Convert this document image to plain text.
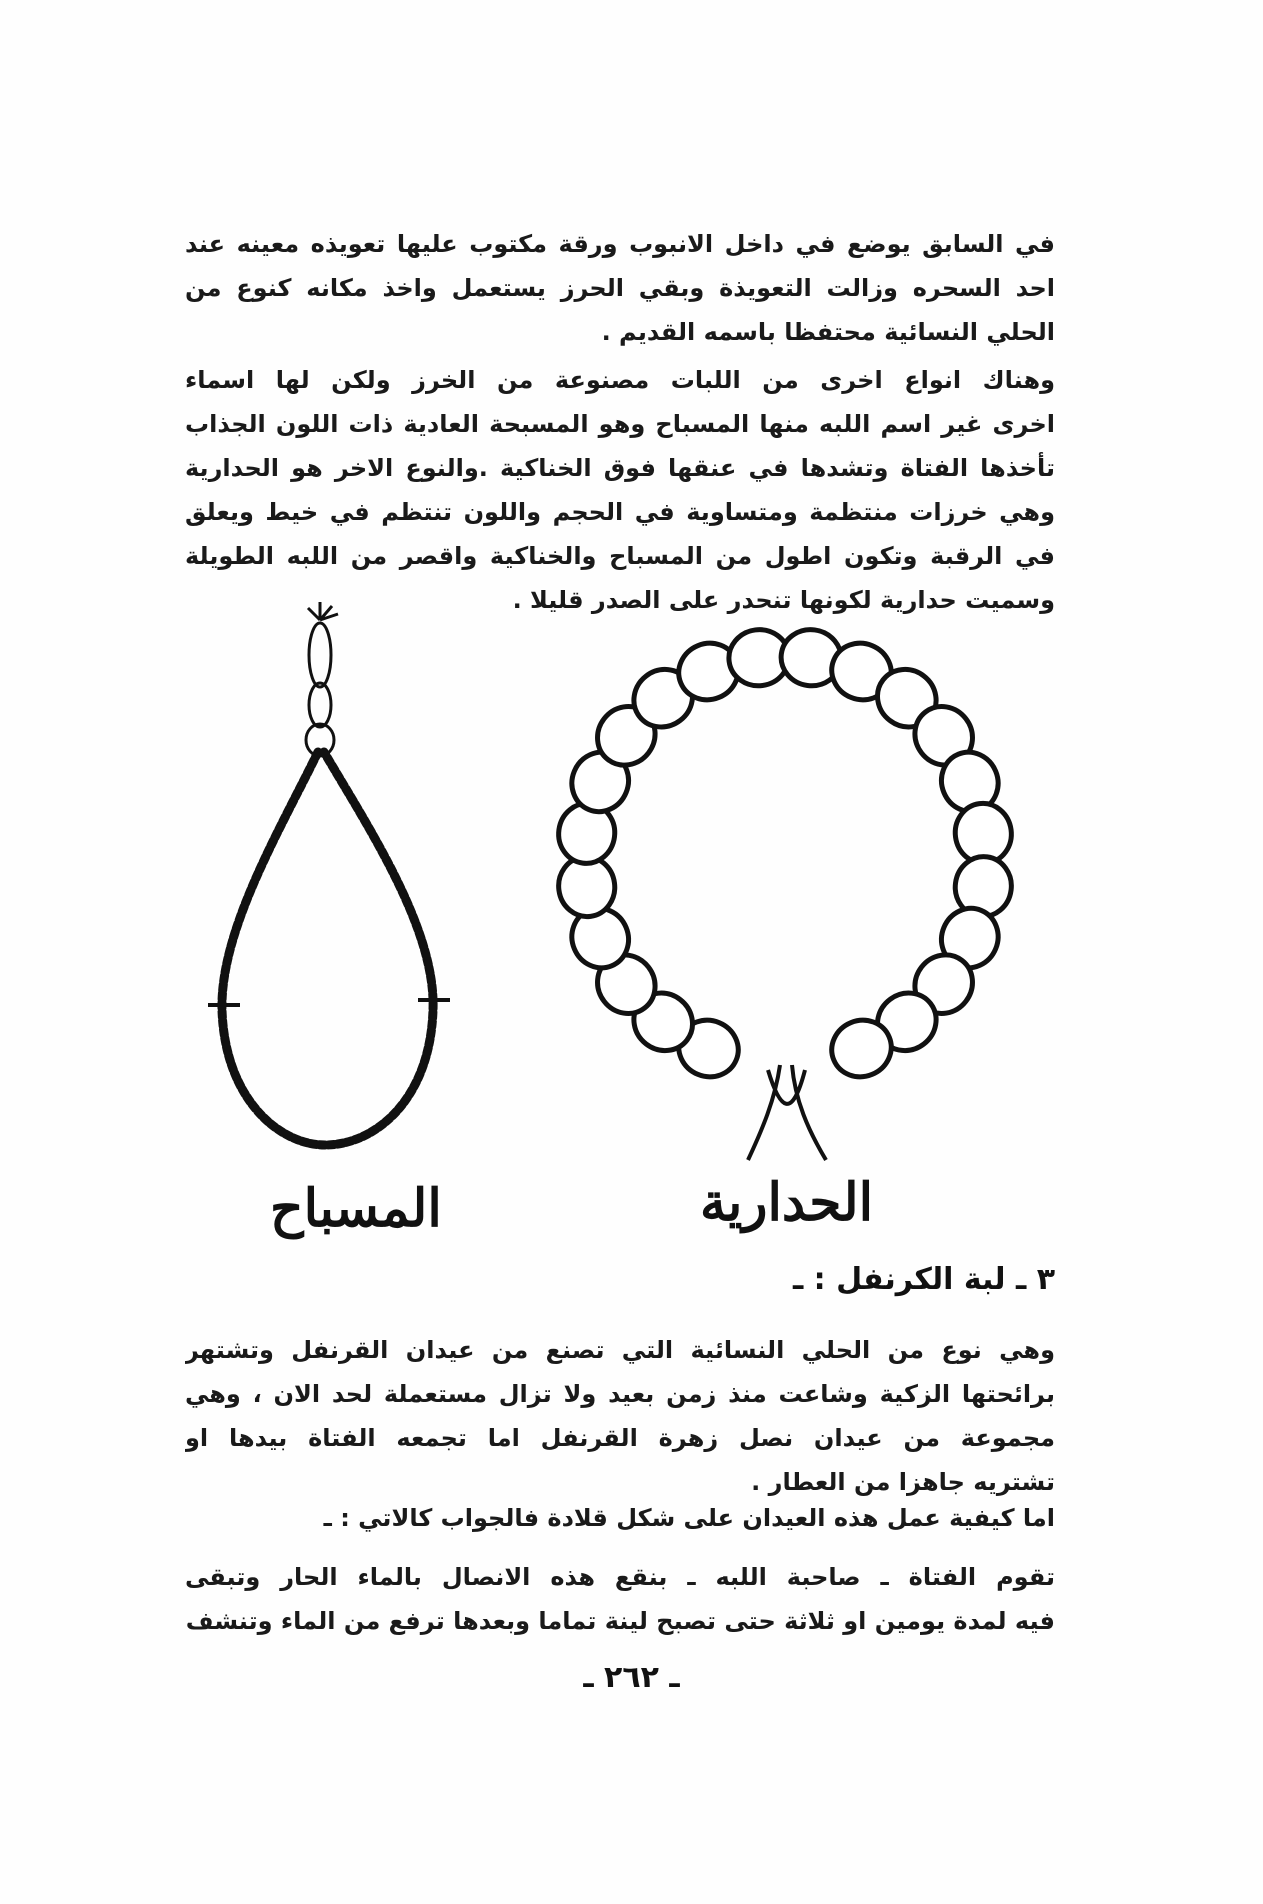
في السابق يوضع في داخل الانبوب ورقة مكتوب عليها تعويذه معينه عند
احد السحره وزالت التعويذة وبقي الحرز يستعمل واخذ مكانه كنوع من
الحلي النسائية محتفظا باسمه القديم .
وهناك انواع اخرى من اللبات مصنوعة من الخرز ولكن لها اسماء
اخرى غير اسم اللبه منها المسباح وهو المسبحة العادية ذات اللون الجذاب
تأخذها الفتاة وتشدها في عنقها فوق الخناكية .والنوع الاخر هو الحدارية
وهي خرزات منتظمة ومتساوية في الحجم واللون تنتظم في خيط ويعلق
في الرقبة وتكون اطول من المسباح والخناكية واقصر من اللبه الطويلة
وسميت حدارية لكونها تنحدر على الصدر قليلا .
المسباح	الحدارية
٣ ـ لبة الكرنفل : ـ
وهي نوع من الحلي النسائية التي تصنع من عيدان القرنفل وتشتهر
برائحتها الزكية وشاعت منذ زمن بعيد ولا تزال مستعملة لحد الان ، وهي
مجموعة من عيدان نصل زهرة القرنفل اما تجمعه الفتاة بيدها او
تشتريه جاهزا من العطار .
اما كيفية عمل هذه العيدان على شكل قلادة فالجواب كالاتي : ـ
تقوم الفتاة ـ صاحبة اللبه ـ بنقع هذه الانصال بالماء الحار وتبقى
فيه لمدة يومين او ثلاثة حتى تصبح لينة تماما وبعدها ترفع من الماء وتنشف
ـ ٢٦٢ ـ
